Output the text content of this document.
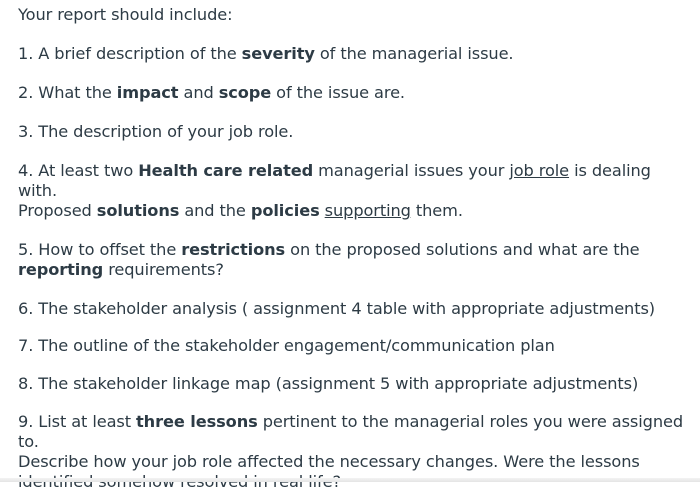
Your report should include:
1. A brief description of the severity of the managerial issue.
2. What the impact and scope of the issue are.
3. The description of your job role.
4. At least two Health care related managerial issues your job role is dealing with.
Proposed solutions and the policies supporting them.
5. How to offset the restrictions on the proposed solutions and what are the
reporting requirements?
6. The stakeholder analysis ( assignment 4 table with appropriate adjustments)
7. The outline of the stakeholder engagement/communication plan
8. The stakeholder linkage map (assignment 5 with appropriate adjustments)
9. List at least three lessons pertinent to the managerial roles you were assigned to.
Describe how your job role affected the necessary changes. Were the lessons
